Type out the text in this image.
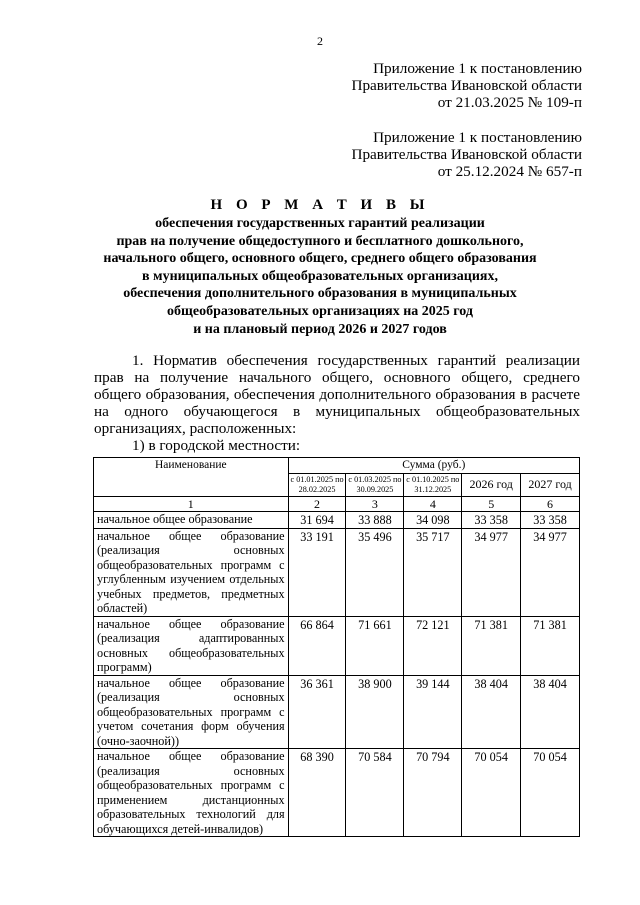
2
Приложение 1 к постановлению
Правительства Ивановской области
от 21.03.2025 № 109-п
Приложение 1 к постановлению
Правительства Ивановской области
от 25.12.2024 № 657-п
Н О Р М А Т И В Ы
обеспечения государственных гарантий реализации
прав на получение общедоступного и бесплатного дошкольного,
начального общего, основного общего, среднего общего образования
в муниципальных общеобразовательных организациях,
обеспечения дополнительного образования в муниципальных
общеобразовательных организациях на 2025 год
и на плановый период 2026 и 2027 годов

1. Норматив обеспечения государственных гарантий реализации прав на получение начального общего, основного общего, среднего общего образования, обеспечения дополнительного образования в расчете на одного обучающегося в муниципальных общеобразовательных организациях, расположенных:

1) в городской местности:

Наименование	Сумма (руб.)				
	с 01.01.2025 по 28.02.2025	с 01.03.2025 по 30.09.2025	с 01.10.2025 по 31.12.2025	2026 год	2027 год
1	2	3	4	5	6
начальное общее образование	31 694	33 888	34 098	33 358	33 358
начальное общее образование (реализация основных общеобразовательных программ с углубленным изучением отдельных учебных предметов, предметных областей)	33 191	35 496	35 717	34 977	34 977
начальное общее образование (реализация адаптированных основных общеобразовательных программ)	66 864	71 661	72 121	71 381	71 381
начальное общее образование (реализация основных общеобразовательных программ с учетом сочетания форм обучения (очно-заочной))	36 361	38 900	39 144	38 404	38 404
начальное общее образование (реализация основных общеобразовательных программ с применением дистанционных образовательных технологий для обучающихся детей-инвалидов)	68 390	70 584	70 794	70 054	70 054
